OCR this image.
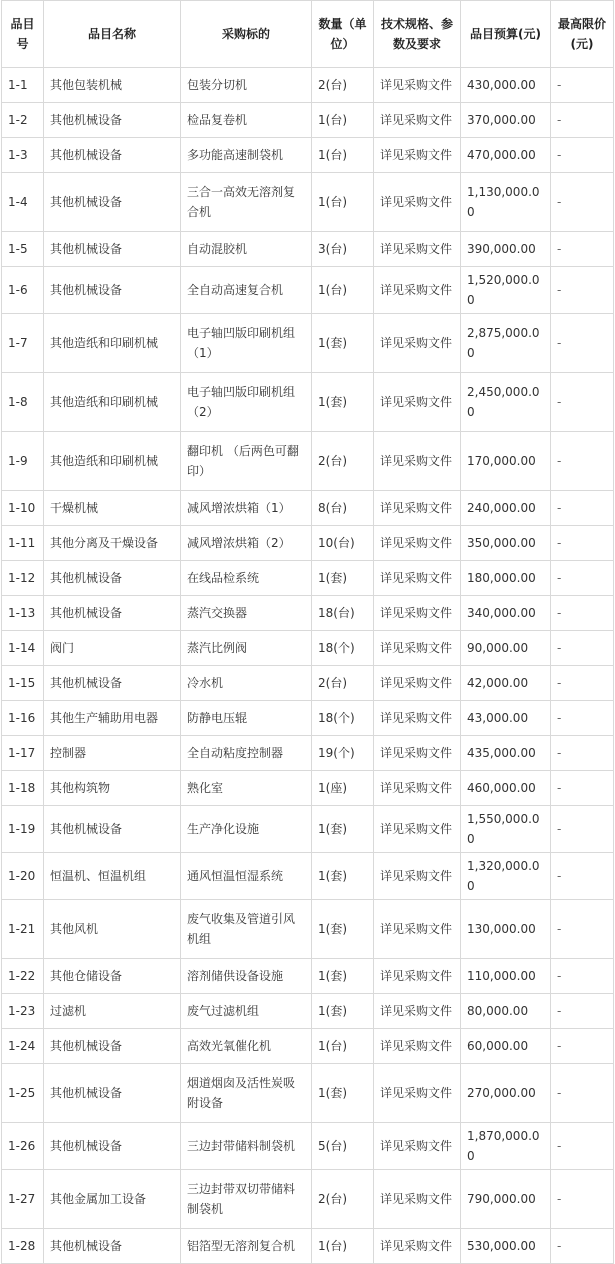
品目号	品目名称	采购标的	数量（单位）	技术规格、参数及要求	品目预算(元)	最高限价(元)
1-1	其他包装机械	包装分切机	2(台)	详见采购文件	430,000.00	-
1-2	其他机械设备	检品复卷机	1(台)	详见采购文件	370,000.00	-
1-3	其他机械设备	多功能高速制袋机	1(台)	详见采购文件	470,000.00	-
1-4	其他机械设备	三合一高效无溶剂复合机	1(台)	详见采购文件	1,130,000.00	-
1-5	其他机械设备	自动混胶机	3(台)	详见采购文件	390,000.00	-
1-6	其他机械设备	全自动高速复合机	1(台)	详见采购文件	1,520,000.00	-
1-7	其他造纸和印刷机械	电子轴凹版印刷机组（1）	1(套)	详见采购文件	2,875,000.00	-
1-8	其他造纸和印刷机械	电子轴凹版印刷机组（2）	1(套)	详见采购文件	2,450,000.00	-
1-9	其他造纸和印刷机械	翻印机 （后两色可翻印）	2(台)	详见采购文件	170,000.00	-
1-10	干燥机械	减风增浓烘箱（1）	8(台)	详见采购文件	240,000.00	-
1-11	其他分离及干燥设备	减风增浓烘箱（2）	10(台)	详见采购文件	350,000.00	-
1-12	其他机械设备	在线品检系统	1(套)	详见采购文件	180,000.00	-
1-13	其他机械设备	蒸汽交换器	18(台)	详见采购文件	340,000.00	-
1-14	阀门	蒸汽比例阀	18(个)	详见采购文件	90,000.00	-
1-15	其他机械设备	冷水机	2(台)	详见采购文件	42,000.00	-
1-16	其他生产辅助用电器	防静电压辊	18(个)	详见采购文件	43,000.00	-
1-17	控制器	全自动粘度控制器	19(个)	详见采购文件	435,000.00	-
1-18	其他构筑物	熟化室	1(座)	详见采购文件	460,000.00	-
1-19	其他机械设备	生产净化设施	1(套)	详见采购文件	1,550,000.00	-
1-20	恒温机、恒温机组	通风恒温恒湿系统	1(套)	详见采购文件	1,320,000.00	-
1-21	其他风机	废气收集及管道引风机组	1(套)	详见采购文件	130,000.00	-
1-22	其他仓储设备	溶剂储供设备设施	1(套)	详见采购文件	110,000.00	-
1-23	过滤机	废气过滤机组	1(套)	详见采购文件	80,000.00	-
1-24	其他机械设备	高效光氧催化机	1(台)	详见采购文件	60,000.00	-
1-25	其他机械设备	烟道烟囱及活性炭吸附设备	1(套)	详见采购文件	270,000.00	-
1-26	其他机械设备	三边封带储料制袋机	5(台)	详见采购文件	1,870,000.00	-
1-27	其他金属加工设备	三边封带双切带储料制袋机	2(台)	详见采购文件	790,000.00	-
1-28	其他机械设备	铝箔型无溶剂复合机	1(台)	详见采购文件	530,000.00	-
